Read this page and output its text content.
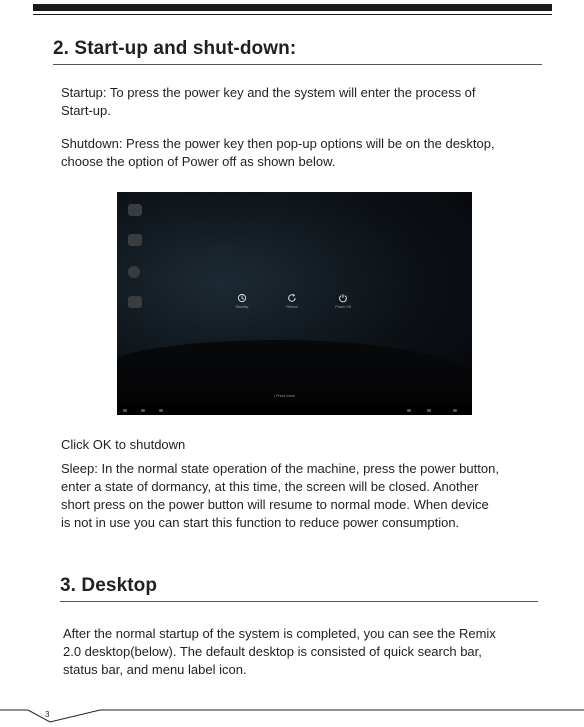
2. Start-up and shut-down:

Startup: To press the power key and the system will enter the process of

Start-up.

Shutdown: Press the power key then pop-up options will be on the desktop,

choose the option of Power off as shown below.

Standby	Reboot	Power Off
• Press home
Click OK to shutdown

Sleep: In the normal state operation of the machine, press the power button,

enter a state of dormancy, at this time, the screen will be closed. Another

short press on the power button will resume to normal mode. When device

is not in use you can start this function to reduce power consumption.

3. Desktop

After the normal startup of the system is completed, you can see the Remix

2.0 desktop(below). The default desktop is consisted of quick search bar,

status bar, and menu label icon.

3
